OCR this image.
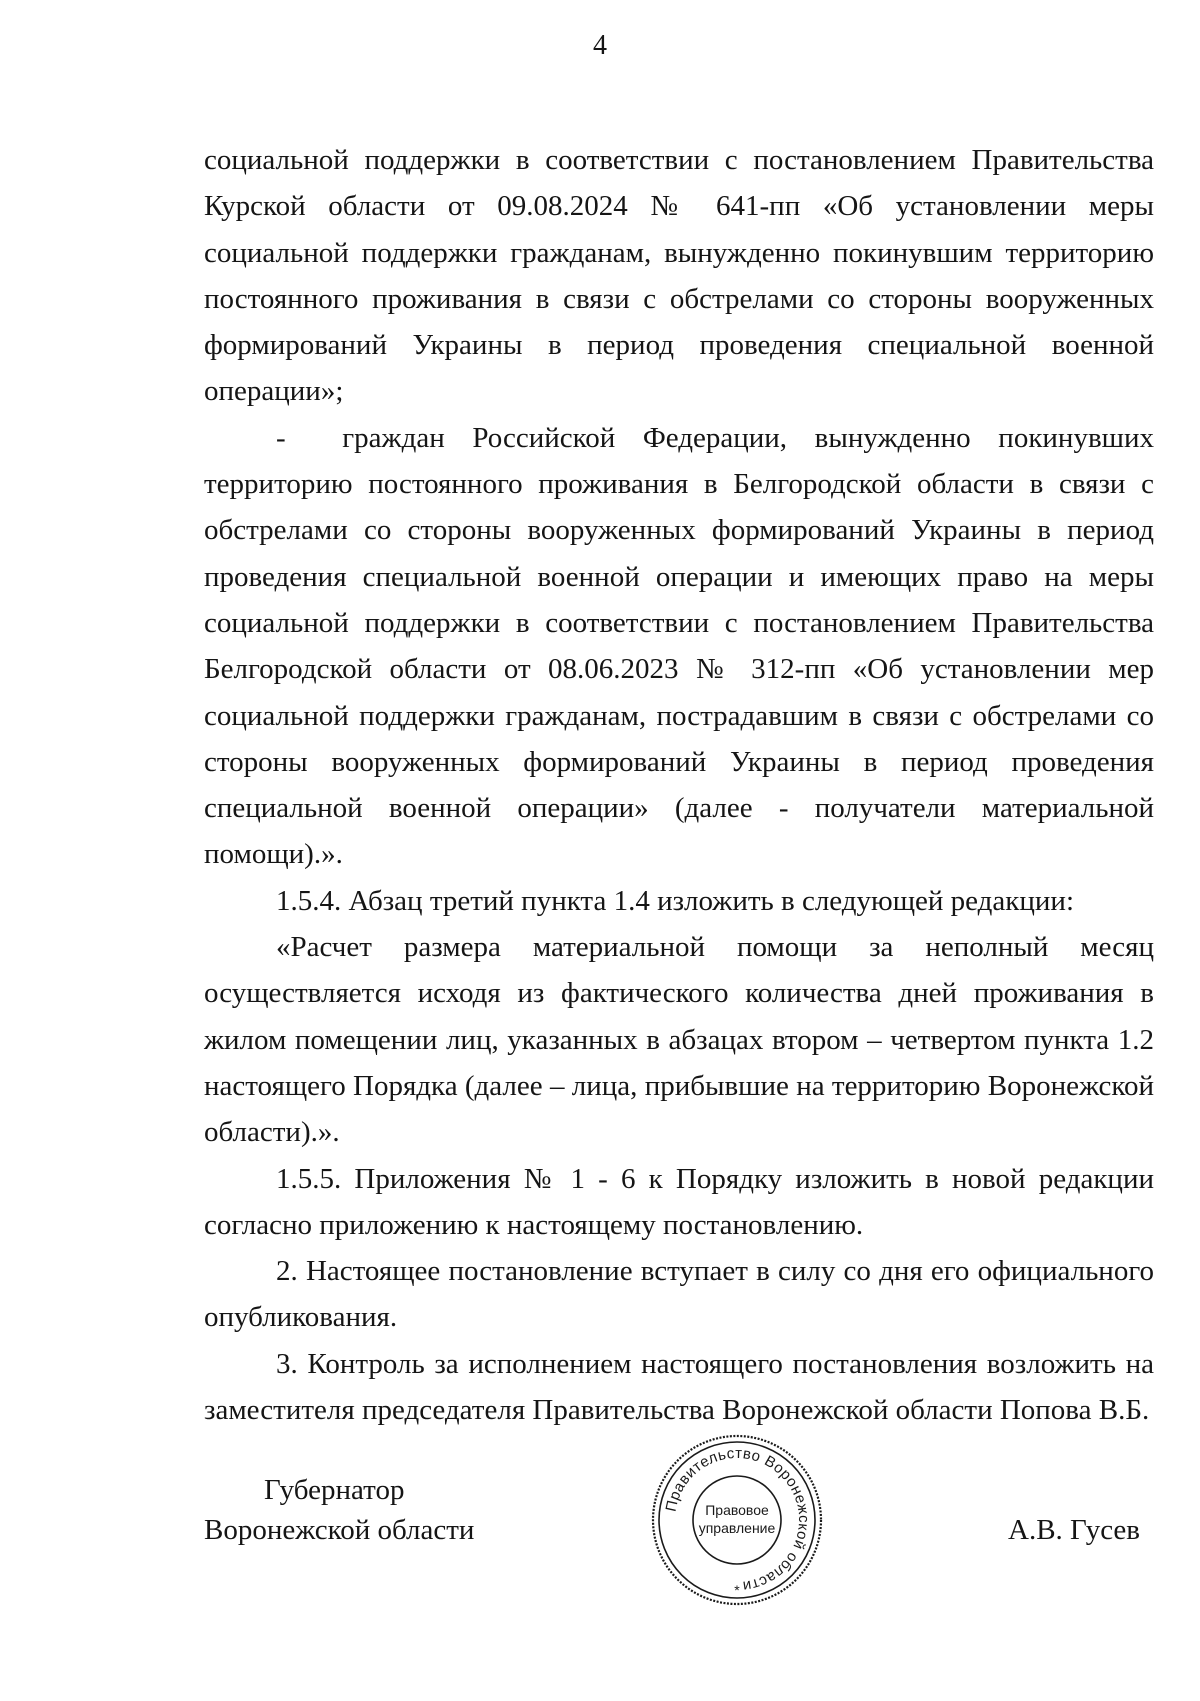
4

социальной поддержки в соответствии с постановлением Правительства Курской области от 09.08.2024 № 641-пп «Об установлении меры социальной поддержки гражданам, вынужденно покинувшим территорию постоянного проживания в связи с обстрелами со стороны вооруженных формирований Украины в период проведения специальной военной операции»;

-  граждан Российской Федерации, вынужденно покинувших территорию постоянного проживания в Белгородской области в связи с обстрелами со стороны вооруженных формирований Украины в период проведения специальной военной операции и имеющих право на меры социальной поддержки в соответствии с постановлением Правительства Белгородской области от 08.06.2023 № 312-пп «Об установлении мер социальной поддержки гражданам, пострадавшим в связи с обстрелами со стороны вооруженных формирований Украины в период проведения специальной военной операции» (далее - получатели материальной помощи).».

1.5.4. Абзац третий пункта 1.4 изложить в следующей редакции:

«Расчет размера материальной помощи за неполный месяц осуществляется исходя из фактического количества дней проживания в жилом помещении лиц, указанных в абзацах втором – четвертом пункта 1.2 настоящего Порядка (далее – лица, прибывшие на территорию Воронежской области).».

1.5.5. Приложения № 1 - 6 к Порядку изложить в новой редакции согласно приложению к настоящему постановлению.

2. Настоящее постановление вступает в силу со дня его официального опубликования.

3. Контроль за исполнением настоящего постановления возложить на заместителя председателя Правительства Воронежской области Попова В.Б.

Губернатор
Воронежской области
Правительство Воронежской области
Правовое
управление
*
А.В. Гусев
